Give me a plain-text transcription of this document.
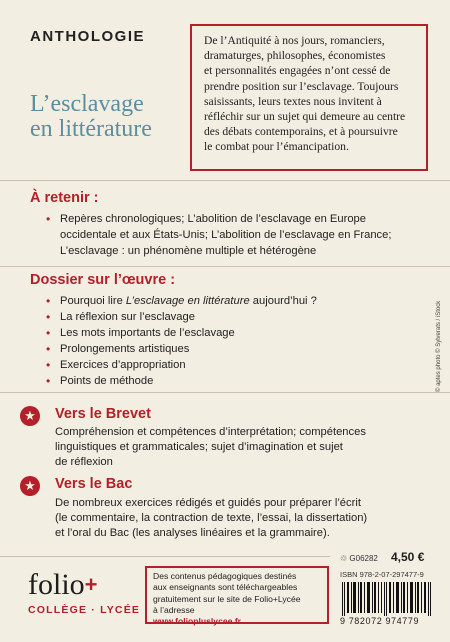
ANTHOLOGIE
L’esclavage
en littérature
De l’Antiquité à nos jours, romanciers,
dramaturges, philosophes, économistes
et personnalités engagées n’ont cessé de
prendre position sur l’esclavage. Toujours
saisissants, leurs textes nous invitent à
réfléchir sur un sujet qui demeure au centre
des débats contemporains, et à poursuivre
le combat pour l’émancipation.
À retenir :
• Repères chronologiques; L’abolition de l’esclavage en Europe
occidentale et aux États-Unis; L’abolition de l’esclavage en France;
L’esclavage : un phénomène multiple et hétérogène
Dossier sur l’œuvre :
• Pourquoi lire L’esclavage en littérature aujourd’hui ?
• La réflexion sur l’esclavage
• Les mots importants de l’esclavage
• Prolongements artistiques
• Exercices d’appropriation
• Points de méthode
★ Vers le Brevet
Compréhension et compétences d’interprétation; compétences
linguistiques et grammaticales; sujet d’imagination et sujet
de réflexion
★ Vers le Bac
De nombreux exercices rédigés et guidés pour préparer l’écrit
(le commentaire, la contraction de texte, l’essai, la dissertation)
et l’oral du Bac (les analyses linéaires et la grammaire).
folio+
COLLÈGE · LYCÉE
Des contenus pédagogiques destinés
aux enseignants sont téléchargeables
gratuitement sur le site de Folio+Lycée
à l’adresse
www.foliopluslycee.fr
♲ G06282 4,50 €
ISBN 978-2-07-297477-9
9 782072 974779
© aptes photo © Sylverats / iStock
